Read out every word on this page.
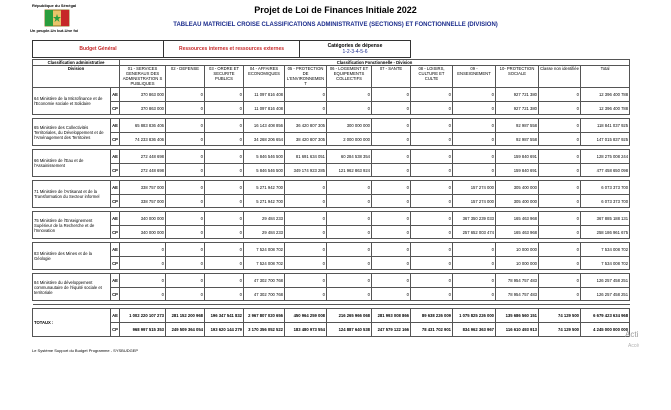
République du Sénégal
Un peuple-Un but-Une foi
Projet de Loi de Finances Initiale 2022
TABLEAU MATRICIEL CROISE CLASSIFICATIONS ADMINISTRATIVE (SECTIONS) ET FONCTIONNELLE (DIVISION)
Budget Général	Ressources internes et ressources externes	Catégories de dépense
1-2-3-4-5-6
Classification administrative		Classification Fonctionnelle - Division											
Division		01 - SERVICES GENERAUX DES ADMINISTRATION S PUBLIQUES	02 - DEFENSE	03 - ORDRE ET SECURITE PUBLICS	04 - AFFAIRES ECONOMIQUES	05 - PROTECTION DE L'ENVIRONNEMEN T	06 - LOGEMENT ET EQUIPEMENTS COLLECTIFS	07 - SANTE	08 - LOISIRS, CULTURE ET CULTE	09 - ENSEIGNEMENT	10- PROTECTION SOCIALE	Classe non identifiée	Total
64 Ministère de la Microfinance et de l'Economie sociale et Solidaire	AE	370 863 000	0	0	11 097 816 408	0	0	0	0	0	927 721 380	0	12 396 400 788
	CP	370 863 000	0	0	11 097 816 408	0	0	0	0	0	927 721 380	0	12 396 400 788

65 Ministère des Collectivités Territoriales, du Développement et de l'Aménagement des Territoires	AE	65 883 836 406	0	0	16 143 408 856	36 420 807 305	300 000 000	0	0	0	92 987 558	0	118 841 037 925
	CP	74 233 836 406	0	0	34 268 206 654	38 420 807 305	2 000 000 000	0	0	0	92 987 558	0	147 015 837 925

66 Ministère de l'Eau et de l'Assainissement	AE	272 448 698	0	0	5 846 546 500	81 691 634 051	60 284 538 354	0	0	0	159 840 691	0	128 275 008 244
	CP	272 448 698	0	0	5 846 546 500	349 174 923 285	121 962 863 924	0	0	0	159 840 691	0	477 458 650 098

71 Ministère de l'Artisanat et de la Transformation du Secteur informel	AE	338 757 000	0	0	5 271 942 700	0	0	0	0	157 274 000	305 400 000	0	6 073 373 700
	CP	338 757 000	0	0	5 271 942 700	0	0	0	0	157 274 000	305 400 000	0	6 073 373 700

75 Ministère de l'Enseignement Supérieur de la Recherche et de l'Innovation	AE	340 000 000	0	0	29 484 233	0	0	0	0	367 350 239 033	165 463 968	0	367 885 188 131
	CP	340 000 000	0	0	29 484 233	0	0	0	0	257 652 003 474	165 463 968	0	258 186 961 675

83 Ministère des Mines et de la Géologie	AE	0	0	0	7 524 008 702	0	0	0	0	0	10 000 000	0	7 534 008 702
	CP	0	0	0	7 524 008 702	0	0	0	0	0	10 000 000	0	7 534 008 702

84 Ministère du développement communautaire de l'équité sociale et territoriale	AE	0	0	0	47 302 700 768	0	0	0	0	0	78 954 757 483	0	126 257 458 251
	CP	0	0	0	47 302 700 768	0	0	0	0	0	78 954 757 483	0	126 257 458 251

TOTAUX :	AE	1 002 220 107 273	281 152 200 968	196 347 541 832	2 967 807 020 656	450 964 259 008	216 265 966 068	281 993 008 866	89 638 226 009	1 075 825 226 000	135 686 560 151	74 129 500	6 679 423 634 968
	CP	968 997 515 353	249 509 364 054	193 620 144 279	3 170 356 052 522	183 480 973 554	124 887 640 538	247 579 122 166	78 431 702 901	834 962 363 967	116 610 493 913	74 129 500	4 245 000 000 000
Le Système Support du Budget Programme - SYSBUDGEP
Acti
Accè
